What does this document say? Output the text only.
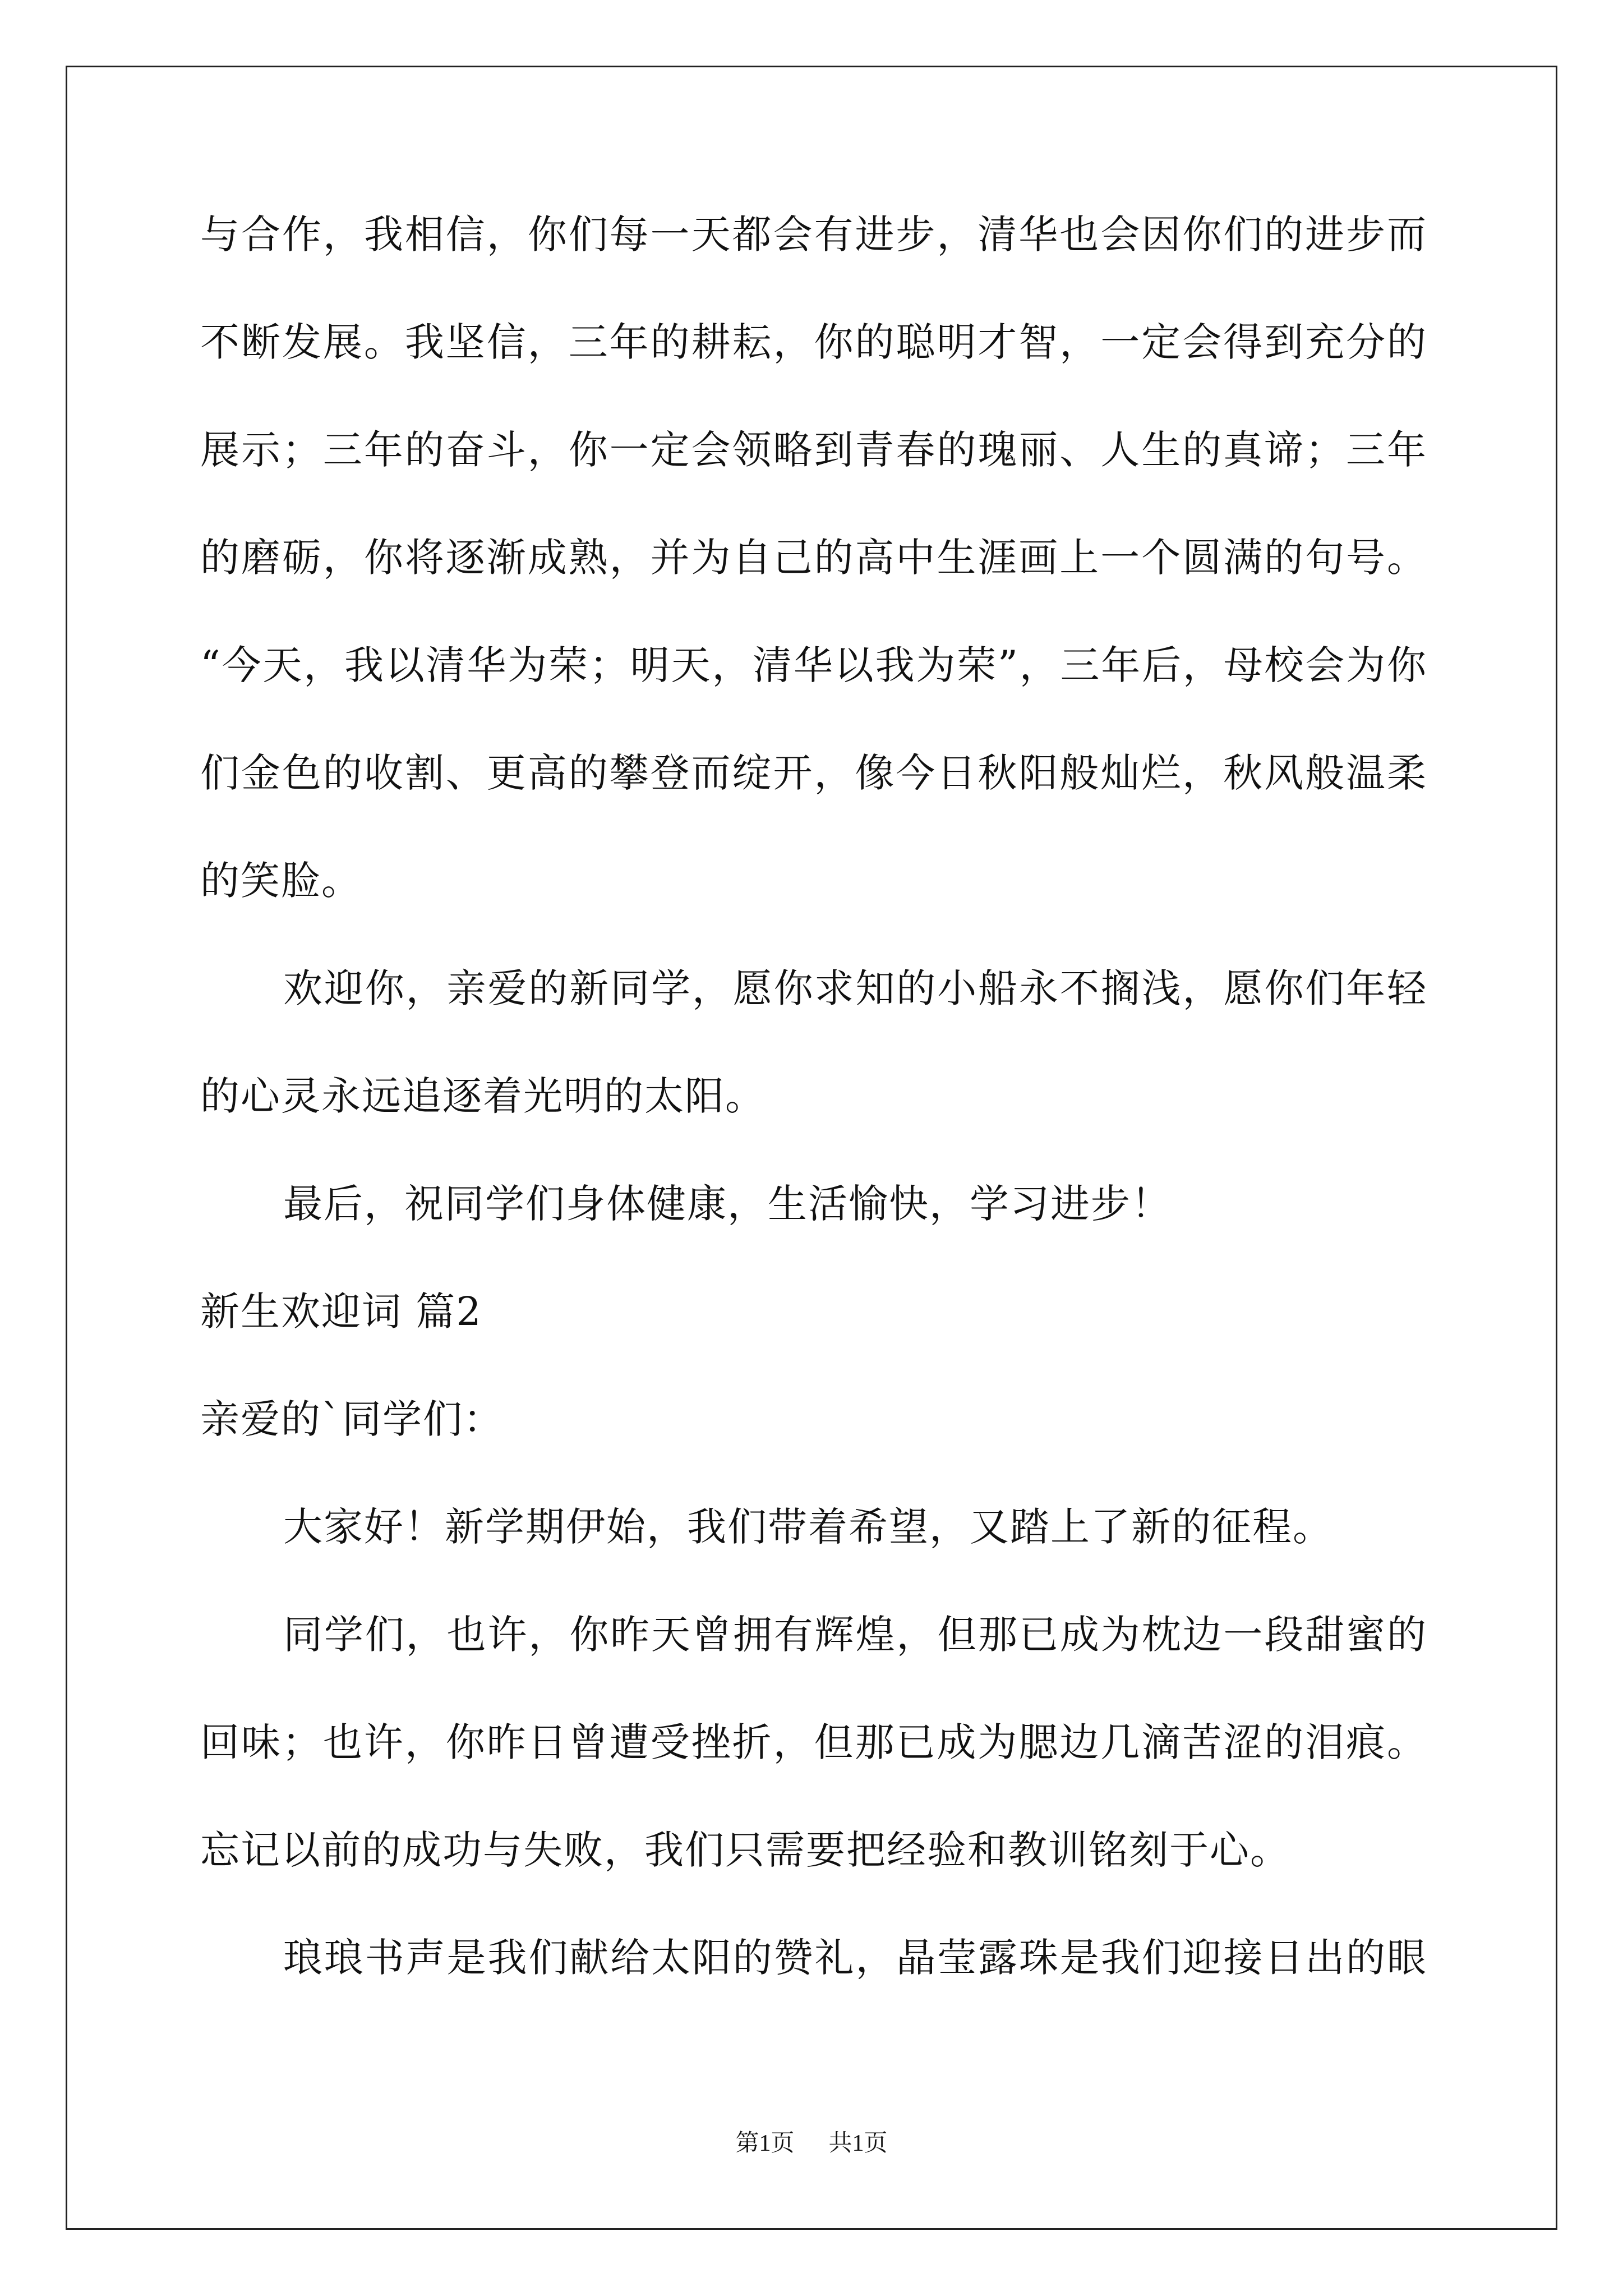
与合作，我相信，你们每一天都会有进步，清华也会因你们的进步而
不断发展。我坚信，三年的耕耘，你的聪明才智，一定会得到充分的
展示；三年的奋斗，你一定会领略到青春的瑰丽、人生的真谛；三年
的磨砺，你将逐渐成熟，并为自己的高中生涯画上一个圆满的句号。
“今天，我以清华为荣；明天，清华以我为荣”，三年后，母校会为你
们金色的收割、更高的攀登而绽开，像今日秋阳般灿烂，秋风般温柔
的笑脸。
欢迎你，亲爱的新同学，愿你求知的小船永不搁浅，愿你们年轻
的心灵永远追逐着光明的太阳。
最后，祝同学们身体健康，生活愉快，学习进步！
新生欢迎词 篇2
亲爱的`同学们：
大家好！新学期伊始，我们带着希望，又踏上了新的征程。
同学们，也许，你昨天曾拥有辉煌，但那已成为枕边一段甜蜜的
回味；也许，你昨日曾遭受挫折，但那已成为腮边几滴苦涩的泪痕。
忘记以前的成功与失败，我们只需要把经验和教训铭刻于心。
琅琅书声是我们献给太阳的赞礼，晶莹露珠是我们迎接日出的眼
第1页 共1页
